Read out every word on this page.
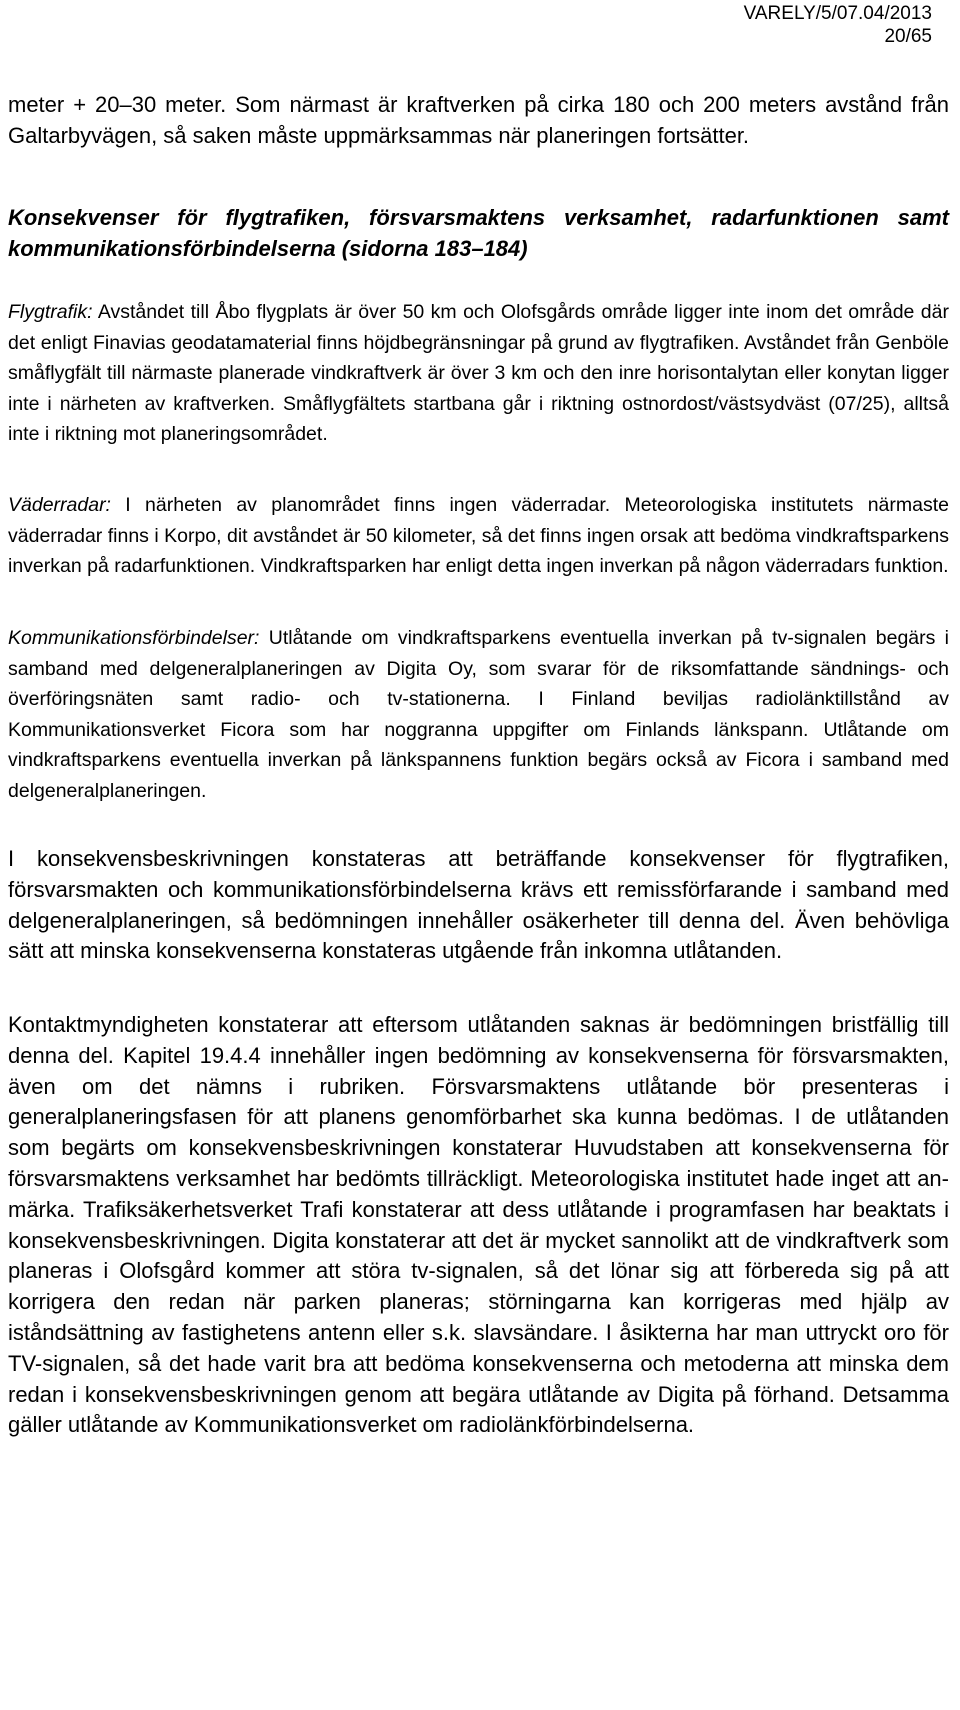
VARELY/5/07.04/2013
20/65
meter + 20–30 meter. Som närmast är kraftverken på cirka 180 och 200 meters avstånd från Galtarbyvägen, så saken måste uppmärksammas när planeringen fortsätter.
Konsekvenser för flygtrafiken, försvarsmaktens verksamhet, radarfunktionen samt kommunikationsförbindelserna (sidorna 183–184)
Flygtrafik: Avståndet till Åbo flygplats är över 50 km och Olofsgårds område ligger inte inom det område där det enligt Finavias geodatamaterial finns höjdbegränsningar på grund av flygtrafiken. Avståndet från Genböle småflygfält till närmaste planerade vindkraftverk är över 3 km och den inre horisontalytan eller konytan ligger inte i närheten av kraftverken. Småflygfältets startbana går i riktning ostnordost/västsydväst (07/25), alltså inte i riktning mot planeringsområdet.
Väderradar: I närheten av planområdet finns ingen väderradar. Meteorologiska institutets närmaste väderradar finns i Korpo, dit avståndet är 50 kilometer, så det finns ingen orsak att bedöma vindkraftsparkens inverkan på radarfunktionen. Vindkraftsparken har enligt detta ingen inverkan på någon väderradars funktion.
Kommunikationsförbindelser: Utlåtande om vindkraftsparkens eventuella inverkan på tv-signalen begärs i samband med delgeneralplaneringen av Digita Oy, som svarar för de riksomfattande sändnings- och överföringsnäten samt radio- och tv-stationerna. I Finland beviljas radiolänktillstånd av Kommunikationsverket Ficora som har noggranna uppgifter om Finlands länkspann. Utlåtande om vindkraftsparkens eventuella inverkan på länkspannens funktion begärs också av Ficora i samband med delgeneralplaneringen.
I konsekvensbeskrivningen konstateras att beträffande konsekvenser för flygtrafiken, försvarsmakten och kommunikationsförbindelserna krävs ett remissförfarande i samband med delgeneralplaneringen, så bedömningen innehåller osäkerheter till denna del. Även behövliga sätt att minska konsekvenserna konstateras utgående från inkomna utlåtanden.
Kontaktmyndigheten konstaterar att eftersom utlåtanden saknas är bedömningen bristfällig till denna del. Kapitel 19.4.4 innehåller ingen bedömning av konsekvenserna för försvarsmakten, även om det nämns i rubriken. Försvarsmaktens utlåtande bör presenteras i generalplaneringsfasen för att planens genomförbarhet ska kunna bedömas. I de utlåtanden som begärts om konsekvensbeskrivningen konstaterar Huvudstaben att konsekvenserna för försvarsmaktens verksamhet har bedömts tillräckligt. Meteorologiska institutet hade inget att anmärka. Trafiksäkerhetsverket Trafi konstaterar att dess utlåtande i programfasen har beaktats i konsekvensbeskrivningen. Digita konstaterar att det är mycket sannolikt att de vindkraftverk som planeras i Olofsgård kommer att störa tv-signalen, så det lönar sig att förbereda sig på att korrigera den redan när parken planeras; störningarna kan korrigeras med hjälp av iståndsättning av fastighetens antenn eller s.k. slavsändare. I åsikterna har man uttryckt oro för TV-signalen, så det hade varit bra att bedöma konsekvenserna och metoderna att minska dem redan i konsekvensbeskrivningen genom att begära utlåtande av Digita på förhand. Detsamma gäller utlåtande av Kommunikationsverket om radiolänkförbindelserna.
